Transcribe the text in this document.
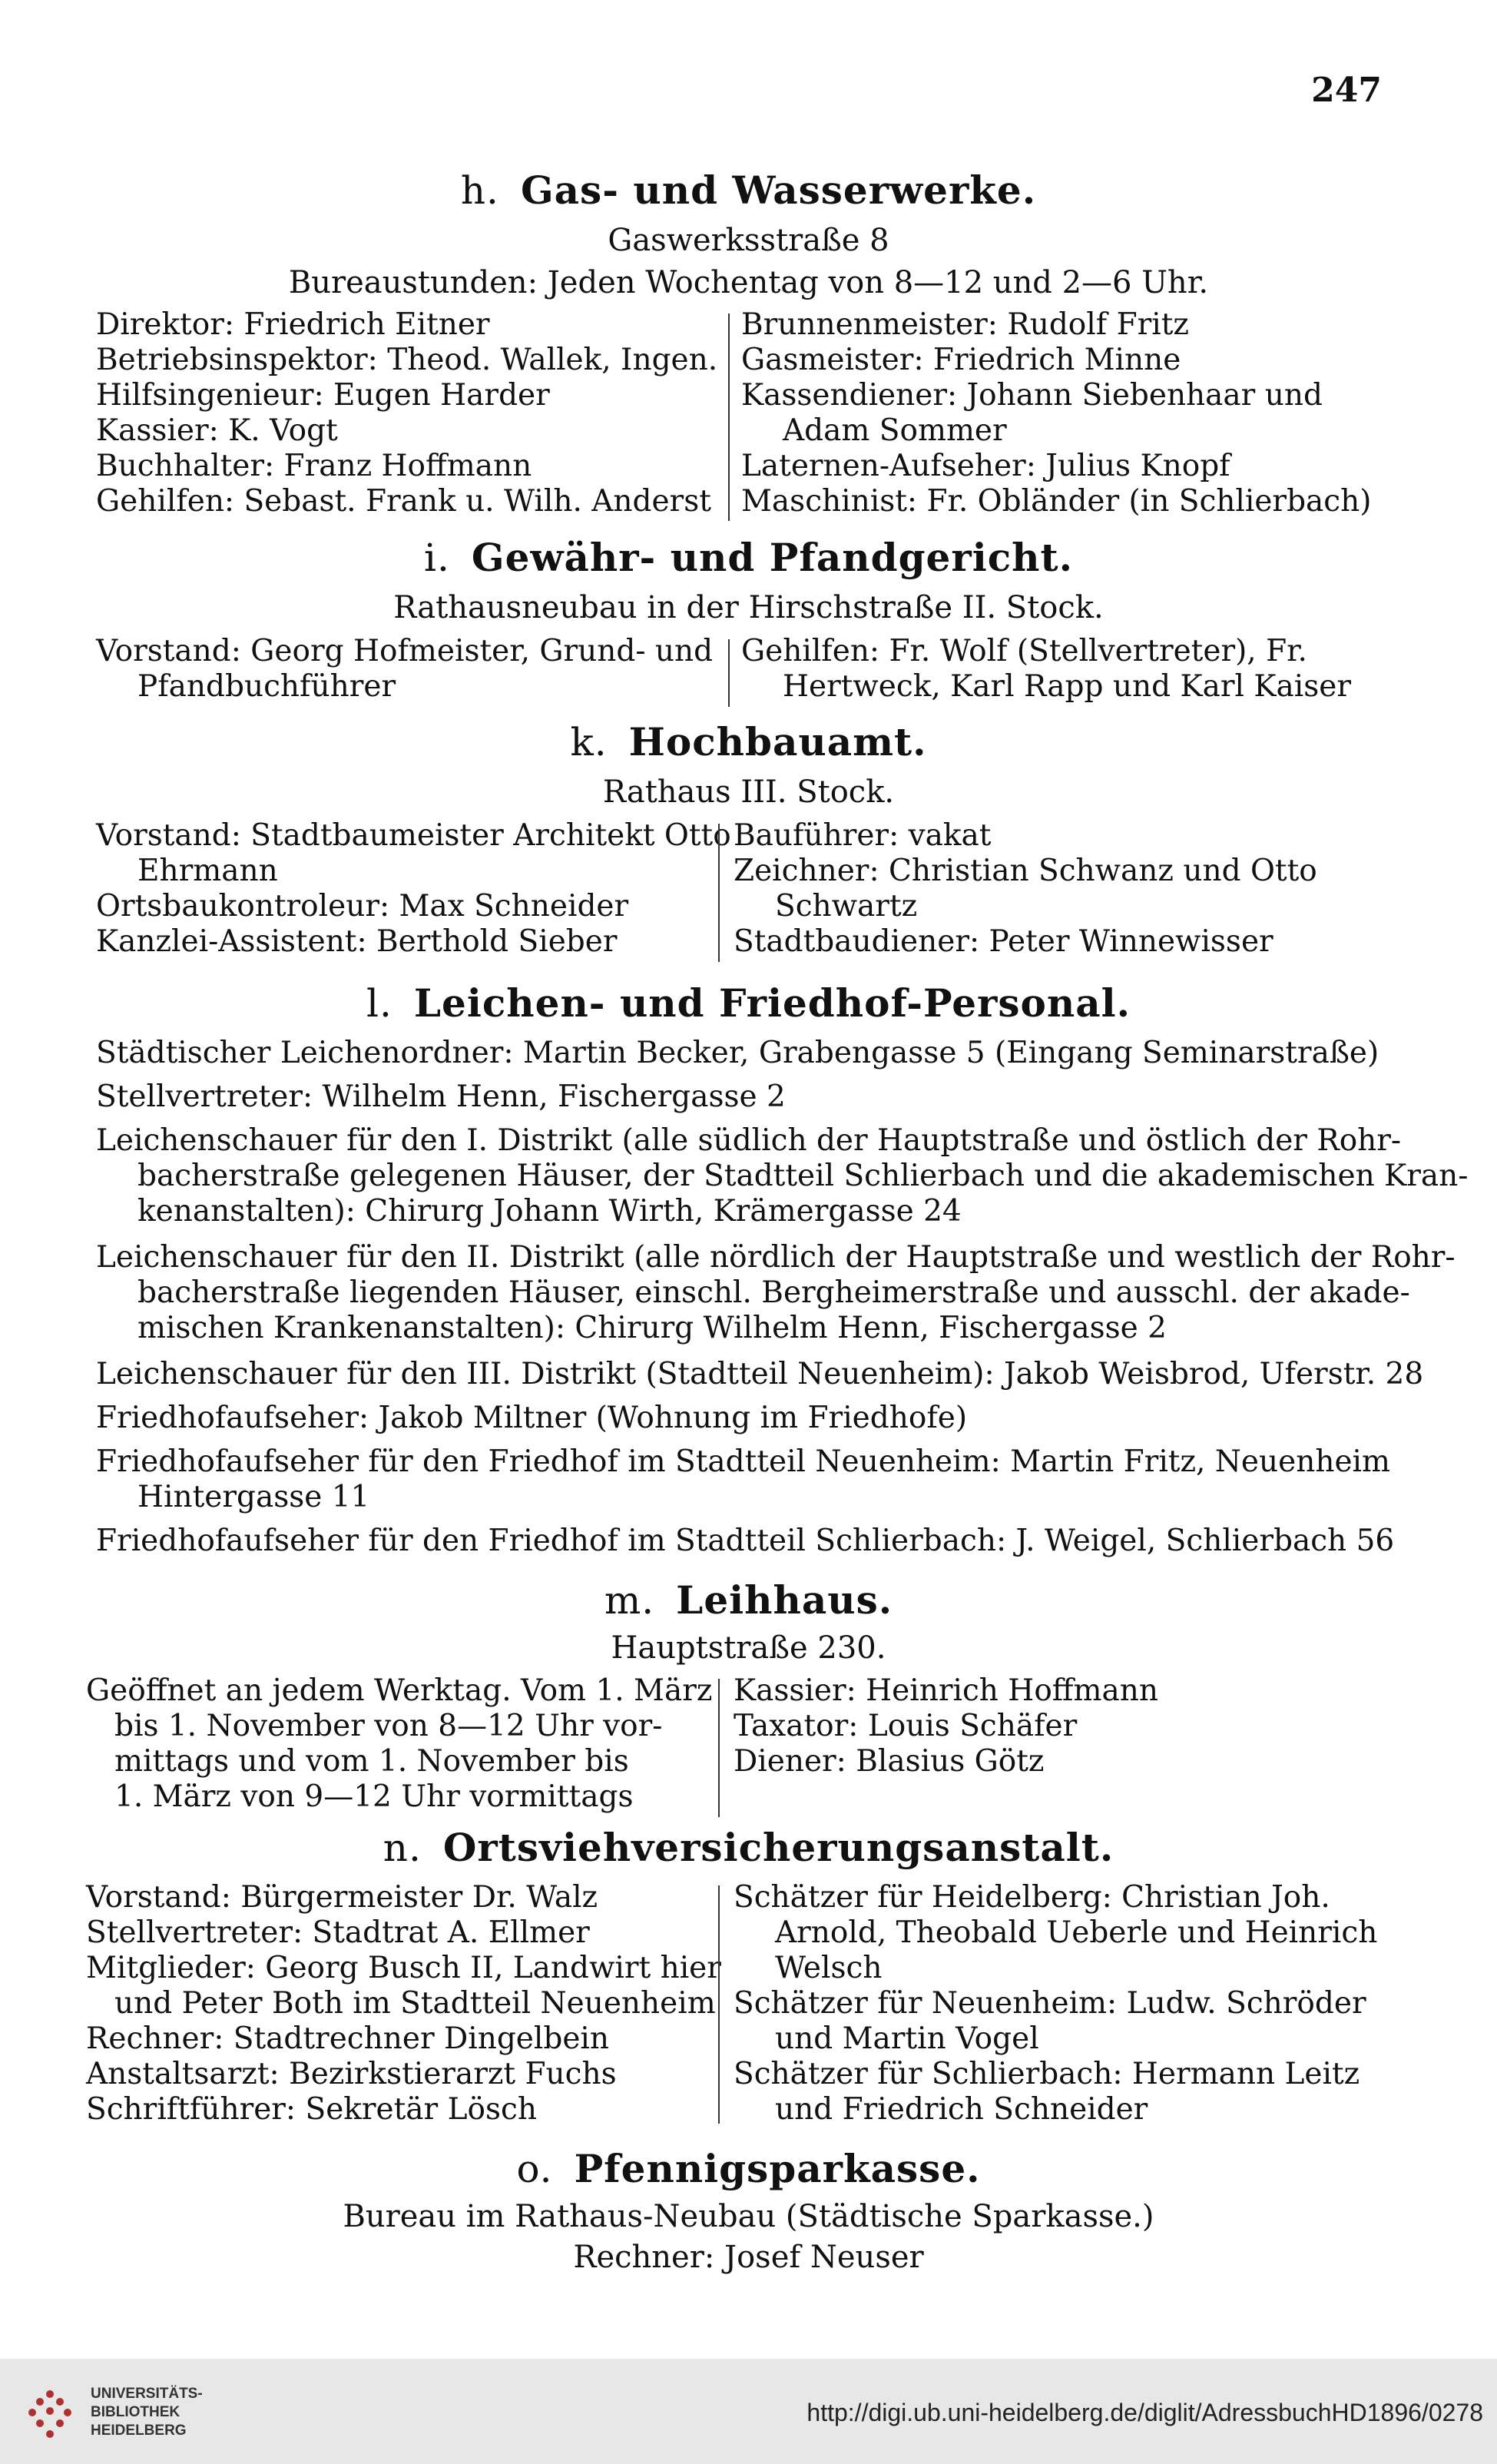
247
h. Gas- und Wasserwerke.
Gaswerksstraße 8
Bureaustunden: Jeden Wochentag von 8—12 und 2—6 Uhr.
Direktor: Friedrich Eitner
Betriebsinspektor: Theod. Wallek, Ingen.
Hilfsingenieur: Eugen Harder
Kassier: K. Vogt
Buchhalter: Franz Hoffmann
Gehilfen: Sebast. Frank u. Wilh. Anderst
Brunnenmeister: Rudolf Fritz
Gasmeister: Friedrich Minne
Kassendiener: Johann Siebenhaar und
Adam Sommer
Laternen-Aufseher: Julius Knopf
Maschinist: Fr. Obländer (in Schlierbach)
i. Gewähr- und Pfandgericht.
Rathausneubau in der Hirschstraße II. Stock.
Vorstand: Georg Hofmeister, Grund- und
Pfandbuchführer
Gehilfen: Fr. Wolf (Stellvertreter), Fr.
Hertweck, Karl Rapp und Karl Kaiser
k. Hochbauamt.
Rathaus III. Stock.
Vorstand: Stadtbaumeister Architekt Otto
Ehrmann
Ortsbaukontroleur: Max Schneider
Kanzlei-Assistent: Berthold Sieber
Bauführer: vakat
Zeichner: Christian Schwanz und Otto
Schwartz
Stadtbaudiener: Peter Winnewisser
l. Leichen- und Friedhof-Personal.
Städtischer Leichenordner: Martin Becker, Grabengasse 5 (Eingang Seminarstraße)
Stellvertreter: Wilhelm Henn, Fischergasse 2
Leichenschauer für den I. Distrikt (alle südlich der Hauptstraße und östlich der Rohr-
bacherstraße gelegenen Häuser, der Stadtteil Schlierbach und die akademischen Kran-
kenanstalten): Chirurg Johann Wirth, Krämergasse 24
Leichenschauer für den II. Distrikt (alle nördlich der Hauptstraße und westlich der Rohr-
bacherstraße liegenden Häuser, einschl. Bergheimerstraße und ausschl. der akade-
mischen Krankenanstalten): Chirurg Wilhelm Henn, Fischergasse 2
Leichenschauer für den III. Distrikt (Stadtteil Neuenheim): Jakob Weisbrod, Uferstr. 28
Friedhofaufseher: Jakob Miltner (Wohnung im Friedhofe)
Friedhofaufseher für den Friedhof im Stadtteil Neuenheim: Martin Fritz, Neuenheim
Hintergasse 11
Friedhofaufseher für den Friedhof im Stadtteil Schlierbach: J. Weigel, Schlierbach 56
m. Leihhaus.
Hauptstraße 230.
Geöffnet an jedem Werktag. Vom 1. März
bis 1. November von 8—12 Uhr vor-
mittags und vom 1. November bis
1. März von 9—12 Uhr vormittags
Kassier: Heinrich Hoffmann
Taxator: Louis Schäfer
Diener: Blasius Götz
n. Ortsviehversicherungsanstalt.
Vorstand: Bürgermeister Dr. Walz
Stellvertreter: Stadtrat A. Ellmer
Mitglieder: Georg Busch II, Landwirt hier
und Peter Both im Stadtteil Neuenheim
Rechner: Stadtrechner Dingelbein
Anstaltsarzt: Bezirkstierarzt Fuchs
Schriftführer: Sekretär Lösch
Schätzer für Heidelberg: Christian Joh.
Arnold, Theobald Ueberle und Heinrich
Welsch
Schätzer für Neuenheim: Ludw. Schröder
und Martin Vogel
Schätzer für Schlierbach: Hermann Leitz
und Friedrich Schneider
o. Pfennigsparkasse.
Bureau im Rathaus-Neubau (Städtische Sparkasse.)
Rechner: Josef Neuser
UNIVERSITÄTS-
BIBLIOTHEK
HEIDELBERG
http://digi.ub.uni-heidelberg.de/diglit/AdressbuchHD1896/0278
